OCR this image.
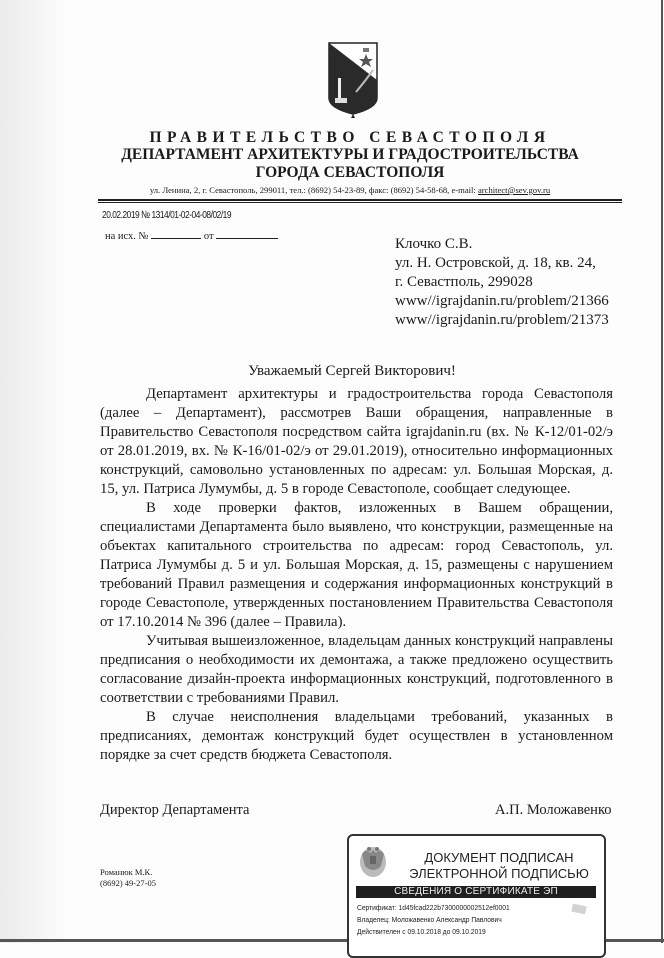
ПРАВИТЕЛЬСТВО СЕВАСТОПОЛЯ
ДЕПАРТАМЕНТ АРХИТЕКТУРЫ И ГРАДОСТРОИТЕЛЬСТВА
ГОРОДА СЕВАСТОПОЛЯ
ул. Ленина, 2, г. Севастополь, 299011, тел.: (8692) 54-23-89, факс: (8692) 54-58-68, e-mail: architect@sev.gov.ru
20.02.2019 № 1314/01-02-04-08/02/19
на исх. №	от	Клочко С.В.
ул. Н. Островской, д. 18, кв. 24,
г. Севастполь, 299028
www//igrajdanin.ru/problem/21366
www//igrajdanin.ru/problem/21373
Уважаемый Сергей Викторович!

Департамент архитектуры и градостроительства города Севастополя (далее – Департамент), рассмотрев Ваши обращения, направленные в Правительство Севастополя посредством сайта igrajdanin.ru (вх. № К-12/01-02/э от 28.01.2019, вх. № К-16/01-02/э от 29.01.2019), относительно информационных конструкций, самовольно установленных по адресам: ул. Большая Морская, д. 15, ул. Патриса Лумумбы, д. 5 в городе Севастополе, сообщает следующее.

В ходе проверки фактов, изложенных в Вашем обращении, специалистами Департамента было выявлено, что конструкции, размещенные на объектах капитального строительства по адресам: город Севастополь, ул. Патриса Лумумбы д. 5 и ул. Большая Морская, д. 15, размещены с нарушением требований Правил размещения и содержания информационных конструкций в городе Севастополе, утвержденных постановлением Правительства Севастополя от 17.10.2014 № 396 (далее – Правила).

Учитывая вышеизложенное, владельцам данных конструкций направлены предписания о необходимости их демонтажа, а также предложено осуществить согласование дизайн-проекта информационных конструкций, подготовленного в соответствии с требованиями Правил.

В случае неисполнения владельцами требований, указанных в предписаниях, демонтаж конструкций будет осуществлен в установленном порядке за счет средств бюджета Севастополя.

Директор Департамента	А.П. Моложавенко
Романюк М.К.
(8692) 49-27-05
ДОКУМЕНТ ПОДПИСАН
ЭЛЕКТРОННОЙ ПОДПИСЬЮ
СВЕДЕНИЯ О СЕРТИФИКАТЕ ЭП
Сертификат: 1d45fcad222b7300000002512ef0001
Владелец: Моложавенко Александр Павлович
Действителен с 09.10.2018 до 09.10.2019
